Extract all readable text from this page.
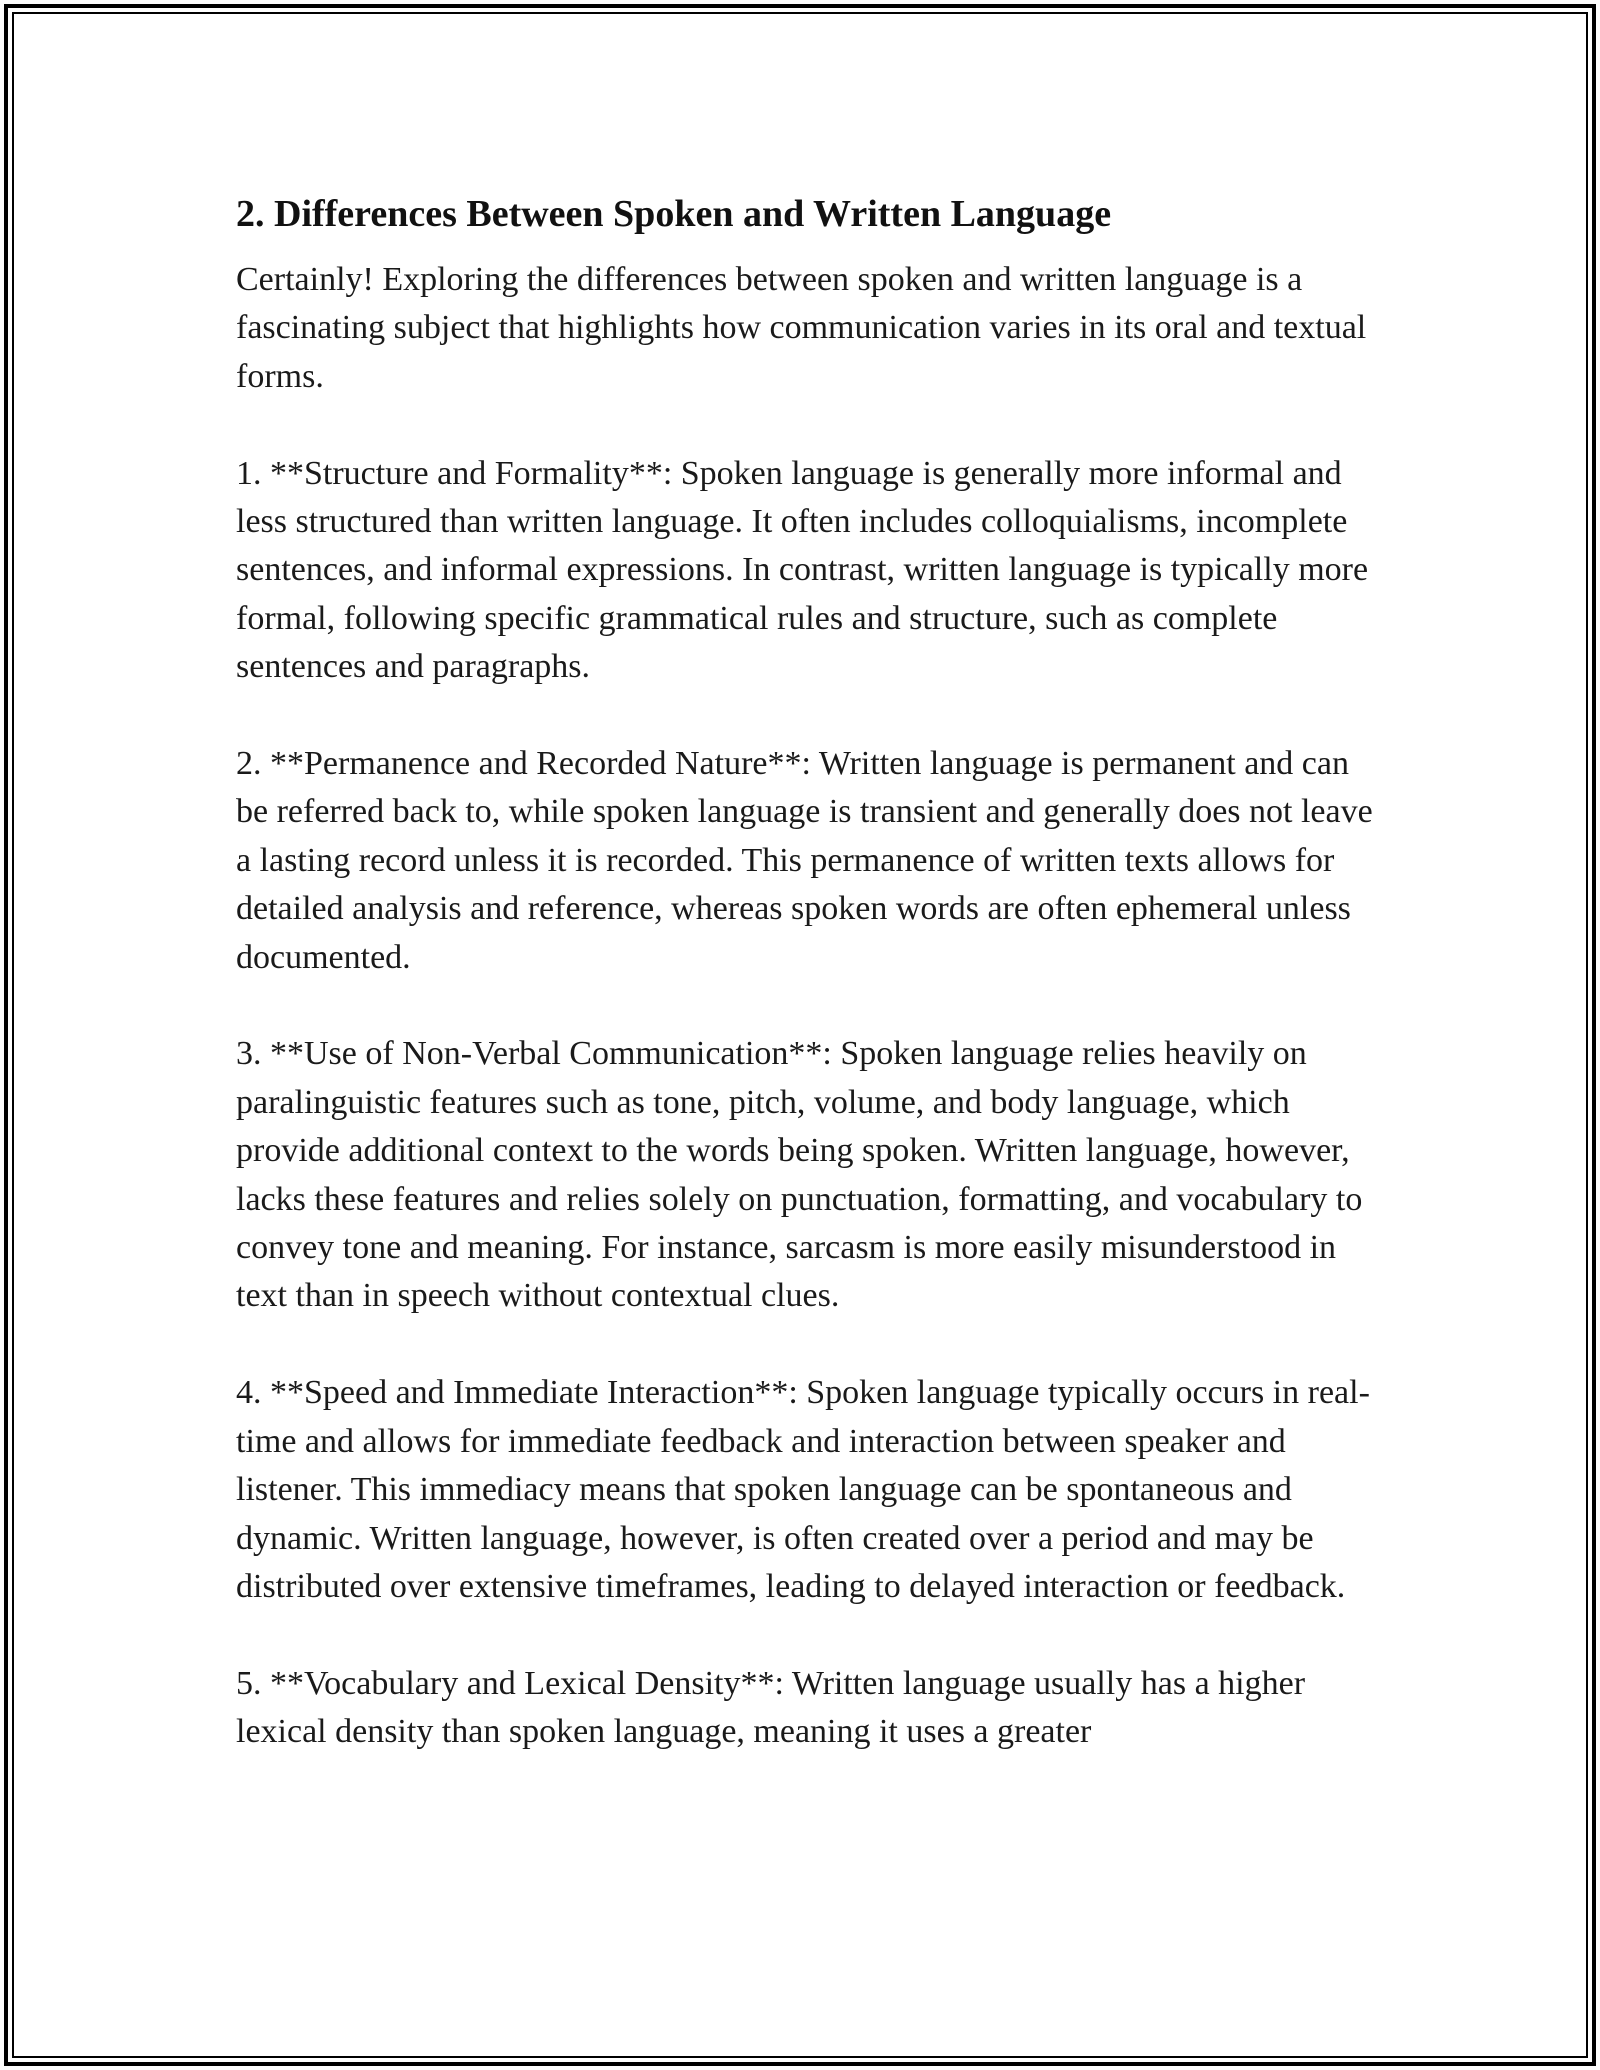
2. Differences Between Spoken and Written Language

Certainly! Exploring the differences between spoken and written language is a fascinating subject that highlights how communication varies in its oral and textual forms.

1. **Structure and Formality**: Spoken language is generally more informal and less structured than written language. It often includes colloquialisms, incomplete sentences, and informal expressions. In contrast, written language is typically more formal, following specific grammatical rules and structure, such as complete sentences and paragraphs.

2. **Permanence and Recorded Nature**: Written language is permanent and can be referred back to, while spoken language is transient and generally does not leave a lasting record unless it is recorded. This permanence of written texts allows for detailed analysis and reference, whereas spoken words are often ephemeral unless documented.

3. **Use of Non-Verbal Communication**: Spoken language relies heavily on paralinguistic features such as tone, pitch, volume, and body language, which provide additional context to the words being spoken. Written language, however, lacks these features and relies solely on punctuation, formatting, and vocabulary to convey tone and meaning. For instance, sarcasm is more easily misunderstood in text than in speech without contextual clues.

4. **Speed and Immediate Interaction**: Spoken language typically occurs in real-time and allows for immediate feedback and interaction between speaker and listener. This immediacy means that spoken language can be spontaneous and dynamic. Written language, however, is often created over a period and may be distributed over extensive timeframes, leading to delayed interaction or feedback.

5. **Vocabulary and Lexical Density**: Written language usually has a higher lexical density than spoken language, meaning it uses a greater
